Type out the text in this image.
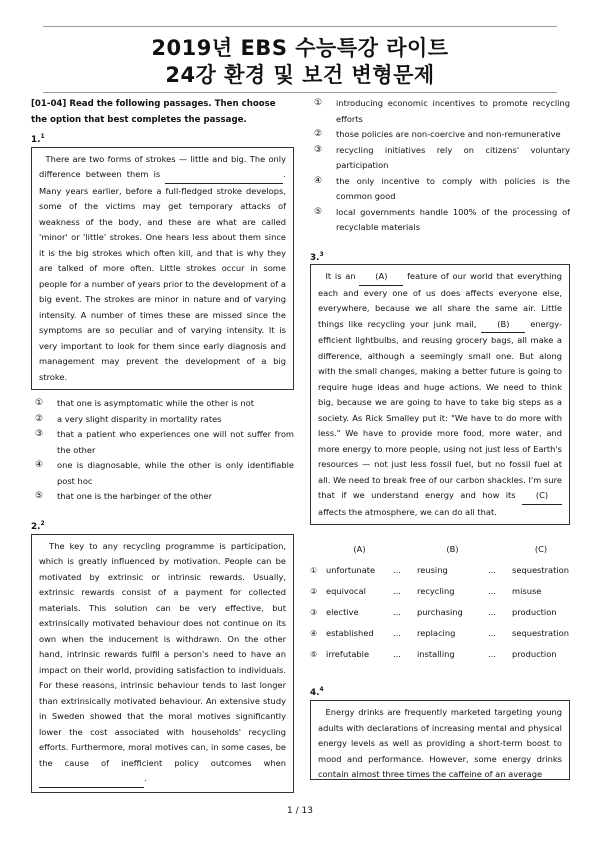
2019년 EBS 수능특강 라이트
24강 환경 및 보건 변형문제
[01-04] Read the following passages. Then choose the option that best completes the passage.
1.$^1$
There are two forms of strokes — little and big. The only difference between them is	. Many years earlier, before a full-fledged stroke develops, some of the victims may get temporary attacks of weakness of the body, and these are what are called 'minor' or 'little' strokes. One hears less about them since it is the big strokes which often kill, and that is why they are talked of more often. Little strokes occur in some people for a number of years prior to the development of a big event. The strokes are minor in nature and of varying intensity. A number of times these are missed since the symptoms are so peculiar and of varying intensity. It is very important to look for them since early diagnosis and management may prevent the development of a big stroke.
①	that one is asymptomatic while the other is not
②	a very slight disparity in mortality rates
③	that a patient who experiences one will not suffer from the other
④	one is diagnosable, while the other is only identifiable post hoc
⑤	that one is the harbinger of the other
2.$^2$
The key to any recycling programme is participation, which is greatly influenced by motivation. People can be motivated by extrinsic or intrinsic rewards. Usually, extrinsic rewards consist of a payment for collected materials. This solution can be very effective, but extrinsically motivated behaviour does not continue on its own when the inducement is withdrawn. On the other hand, intrinsic rewards fulfil a person's need to have an impact on their world, providing satisfaction to individuals. For these reasons, intrinsic behaviour tends to last longer than extrinsically motivated behaviour. An extensive study in Sweden showed that the moral motives significantly lower the cost associated with households' recycling efforts. Furthermore, moral motives can, in some cases, be the cause of inefficient policy outcomes when  .
①	introducing economic incentives to promote recycling efforts
②	those policies are non-coercive and non-remunerative
③	recycling initiatives rely on citizens' voluntary participation
④	the only incentive to comply with policies is the common good
⑤	local governments handle 100% of the processing of recyclable materials
3.$^3$
It is an (A) feature of our world that everything each and every one of us does affects everyone else, everywhere, because we all share the same air. Little things like recycling your junk mail, (B) energy-efficient lightbulbs, and reusing grocery bags, all make a difference, although a seemingly small one. But along with the small changes, making a better future is going to require huge ideas and huge actions. We need to think big, because we are going to have to take big steps as a society. As Rick Smalley put it: "We have to do more with less." We have to provide more food, more water, and more energy to more people, using not just less of Earth's resources — not just less fossil fuel, but no fossil fuel at all. We need to break free of our carbon shackles. I'm sure that if we understand energy and how its (C) affects the atmosphere, we can do all that.
(A)	(B)	(C)
①	unfortunate	...	reusing	...	sequestration
②	equivocal	...	recycling	...	misuse
③	elective	...	purchasing	...	production
④	established	...	replacing	...	sequestration
⑤	irrefutable	...	installing	...	production
4.$^4$
Energy drinks are frequently marketed targeting young adults with declarations of increasing mental and physical energy levels as well as providing a short-term boost to mood and performance. However, some energy drinks contain almost three times the caffeine of an average
1 / 13
